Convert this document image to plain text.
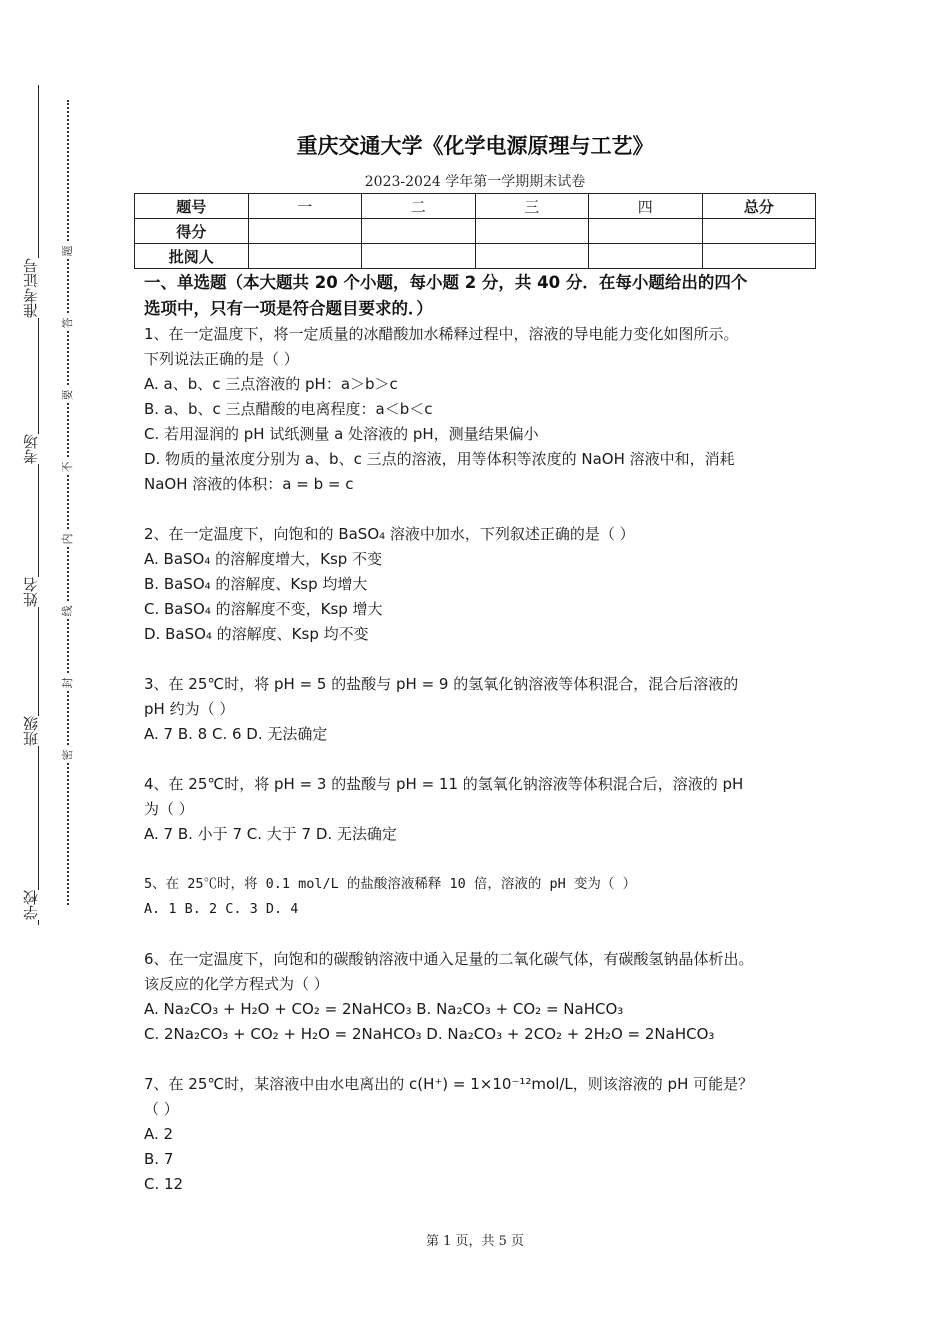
准考证号
考场
姓名
班级
学校
题
答
要
不
内
线
封
密
重庆交通大学《化学电源原理与工艺》
2023-2024 学年第一学期期末试卷
题号	一	二	三	四	总分
得分					
批阅人					

一、单选题（本大题共 20 个小题，每小题 2 分，共 40 分．在每小题给出的四个

选项中，只有一项是符合题目要求的．）

1、在一定温度下，将一定质量的冰醋酸加水稀释过程中，溶液的导电能力变化如图所示。

下列说法正确的是（ ）

A. a、b、c 三点溶液的 pH：a＞b＞c

B. a、b、c 三点醋酸的电离程度：a＜b＜c

C. 若用湿润的 pH 试纸测量 a 处溶液的 pH，测量结果偏小

D. 物质的量浓度分别为 a、b、c 三点的溶液，用等体积等浓度的 NaOH 溶液中和，消耗

NaOH 溶液的体积：a = b = c

2、在一定温度下，向饱和的 BaSO₄ 溶液中加水，下列叙述正确的是（ ）

A. BaSO₄ 的溶解度增大，Ksp 不变

B. BaSO₄ 的溶解度、Ksp 均增大

C. BaSO₄ 的溶解度不变，Ksp 增大

D. BaSO₄ 的溶解度、Ksp 均不变

3、在 25℃时，将 pH = 5 的盐酸与 pH = 9 的氢氧化钠溶液等体积混合，混合后溶液的

pH 约为（ ）

A. 7 B. 8 C. 6 D. 无法确定

4、在 25℃时，将 pH = 3 的盐酸与 pH = 11 的氢氧化钠溶液等体积混合后，溶液的 pH

为（ ）

A. 7 B. 小于 7 C. 大于 7 D. 无法确定

5、在 25℃时，将 0.1 mol/L 的盐酸溶液稀释 10 倍，溶液的 pH 变为（ ）

A. 1 B. 2 C. 3 D. 4

6、在一定温度下，向饱和的碳酸钠溶液中通入足量的二氧化碳气体，有碳酸氢钠晶体析出。

该反应的化学方程式为（ ）

A. Na₂CO₃ + H₂O + CO₂ = 2NaHCO₃ B. Na₂CO₃ + CO₂ = NaHCO₃

C. 2Na₂CO₃ + CO₂ + H₂O = 2NaHCO₃ D. Na₂CO₃ + 2CO₂ + 2H₂O = 2NaHCO₃

7、在 25℃时，某溶液中由水电离出的 c(H⁺) = 1×10⁻¹²mol/L，则该溶液的 pH 可能是？

（ ）

A. 2

B. 7

C. 12

第 1 页，共 5 页
